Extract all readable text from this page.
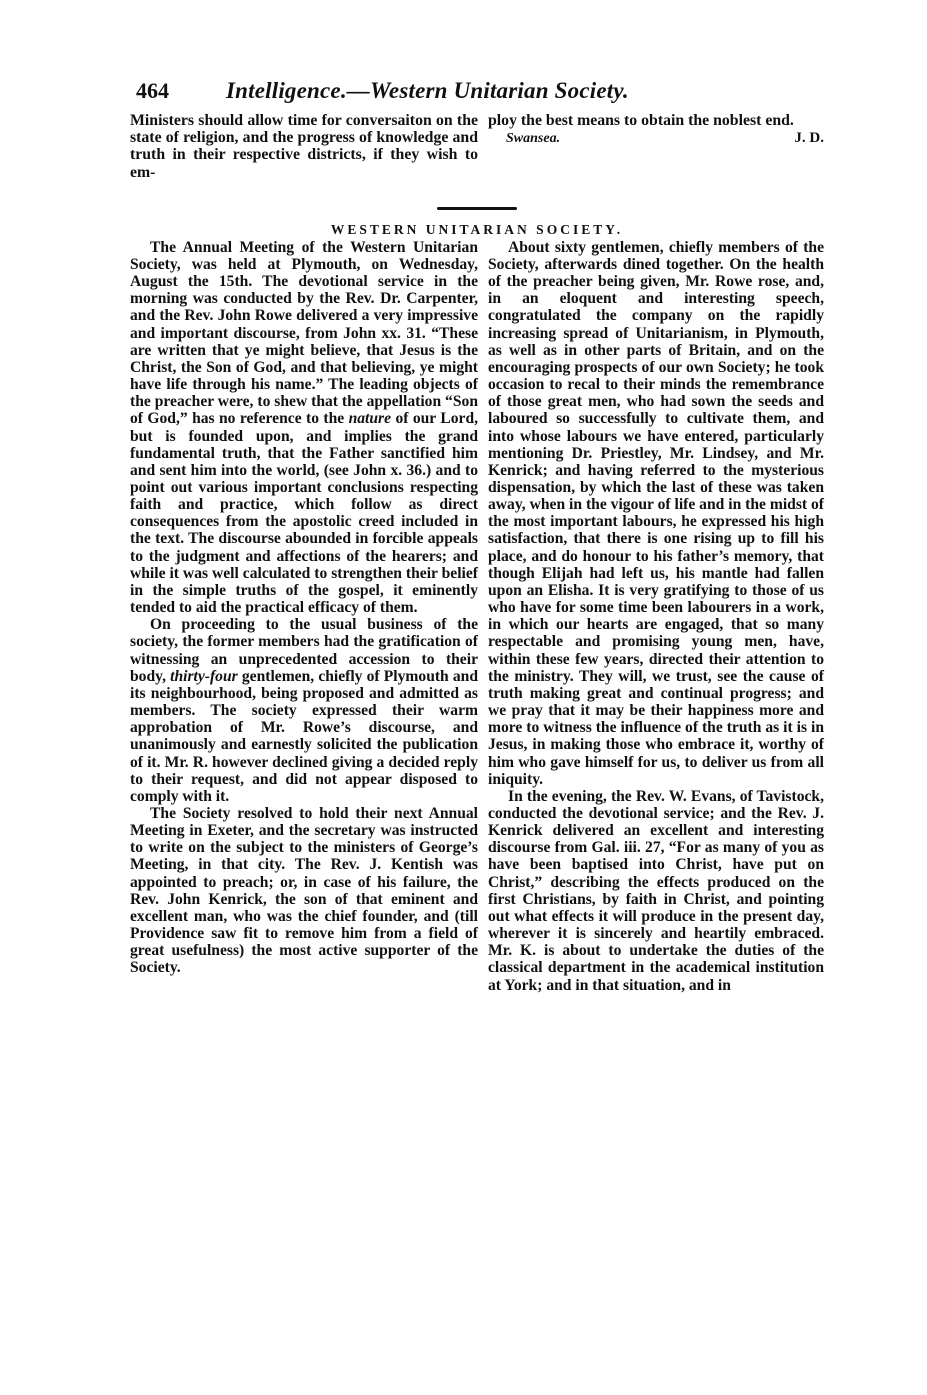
464 Intelligence.—Western Unitarian Society.

Ministers should allow time for conversaiton on the state of religion, and the progress of knowledge and truth in their respective districts, if they wish to em-

ploy the best means to obtain the noblest end.

Swansea.	J. D.
WESTERN UNITARIAN SOCIETY.

The Annual Meeting of the Western Unitarian Society, was held at Plymouth, on Wednesday, August the 15th. The devotional service in the morning was conducted by the Rev. Dr. Carpenter, and the Rev. John Rowe delivered a very impressive and important discourse, from John xx. 31. “These are written that ye might believe, that Jesus is the Christ, the Son of God, and that believing, ye might have life through his name.” The leading objects of the preacher were, to shew that the appellation “Son of God,” has no reference to the nature of our Lord, but is founded upon, and implies the grand fundamental truth, that the Father sanctified him and sent him into the world, (see John x. 36.) and to point out various important conclusions respecting faith and practice, which follow as direct consequences from the apostolic creed included in the text. The discourse abounded in forcible appeals to the judgment and affections of the hearers; and while it was well calculated to strengthen their belief in the simple truths of the gospel, it eminently tended to aid the practical efficacy of them.

On proceeding to the usual business of the society, the former members had the gratification of witnessing an unprecedented accession to their body, thirty-four gentlemen, chiefly of Plymouth and its neighbourhood, being proposed and admitted as members. The society expressed their warm approbation of Mr. Rowe’s discourse, and unanimously and earnestly solicited the publication of it. Mr. R. however declined giving a decided reply to their request, and did not appear disposed to comply with it.

The Society resolved to hold their next Annual Meeting in Exeter, and the secretary was instructed to write on the subject to the ministers of George’s Meeting, in that city. The Rev. J. Kentish was appointed to preach; or, in case of his failure, the Rev. John Kenrick, the son of that eminent and excellent man, who was the chief founder, and (till Providence saw fit to remove him from a field of great usefulness) the most active supporter of the Society.

About sixty gentlemen, chiefly members of the Society, afterwards dined together. On the health of the preacher being given, Mr. Rowe rose, and, in an eloquent and interesting speech, congratulated the company on the rapidly increasing spread of Unitarianism, in Plymouth, as well as in other parts of Britain, and on the encouraging prospects of our own Society; he took occasion to recal to their minds the remembrance of those great men, who had sown the seeds and laboured so successfully to cultivate them, and into whose labours we have entered, particularly mentioning Dr. Priestley, Mr. Lindsey, and Mr. Kenrick; and having referred to the mysterious dispensation, by which the last of these was taken away, when in the vigour of life and in the midst of the most important labours, he expressed his high satisfaction, that there is one rising up to fill his place, and do honour to his father’s memory, that though Elijah had left us, his mantle had fallen upon an Elisha. It is very gratifying to those of us who have for some time been labourers in a work, in which our hearts are engaged, that so many respectable and promising young men, have, within these few years, directed their attention to the ministry. They will, we trust, see the cause of truth making great and continual progress; and we pray that it may be their happiness more and more to witness the influence of the truth as it is in Jesus, in making those who embrace it, worthy of him who gave himself for us, to deliver us from all iniquity.

In the evening, the Rev. W. Evans, of Tavistock, conducted the devotional service; and the Rev. J. Kenrick delivered an excellent and interesting discourse from Gal. iii. 27, “For as many of you as have been baptised into Christ, have put on Christ,” describing the effects produced on the first Christians, by faith in Christ, and pointing out what effects it will produce in the present day, wherever it is sincerely and heartily embraced. Mr. K. is about to undertake the duties of the classical department in the academical institution at York; and in that situation, and in
